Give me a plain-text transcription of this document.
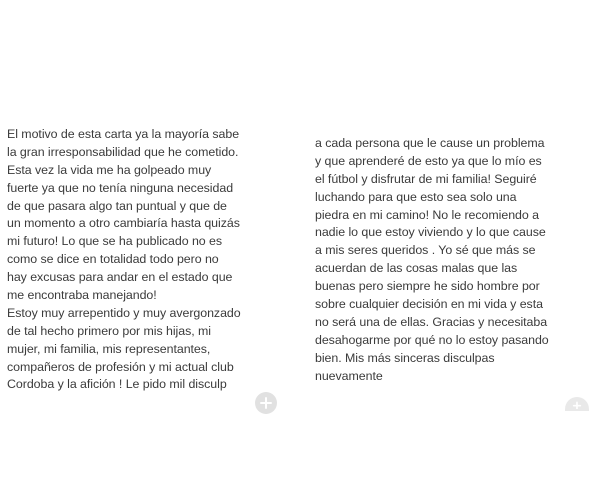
El motivo de esta carta ya la mayoría sabe
la gran irresponsabilidad que he cometido.
Esta vez la vida me ha golpeado muy
fuerte ya que no tenía ninguna necesidad
de que pasara algo tan puntual y que de
un momento a otro cambiaría hasta quizás
mi futuro! Lo que se ha publicado no es
como se dice en totalidad todo pero no
hay excusas para andar en el estado que
me encontraba manejando!
Estoy muy arrepentido y muy avergonzado
de tal hecho primero por mis hijas, mi
mujer, mi familia, mis representantes,
compañeros de profesión y mi actual club
Cordoba y la afición ! Le pido mil disculp
a cada persona que le cause un problema
y que aprenderé de esto ya que lo mío es
el fútbol y disfrutar de mi familia! Seguiré
luchando para que esto sea solo una
piedra en mi camino! No le recomiendo a
nadie lo que estoy viviendo y lo que cause
a mis seres queridos . Yo sé que más se
acuerdan de las cosas malas que las
buenas pero siempre he sido hombre por
sobre cualquier decisión en mi vida y esta
no será una de ellas. Gracias y necesitaba
desahogarme por qué no lo estoy pasando
bien. Mis más sinceras disculpas
nuevamente
